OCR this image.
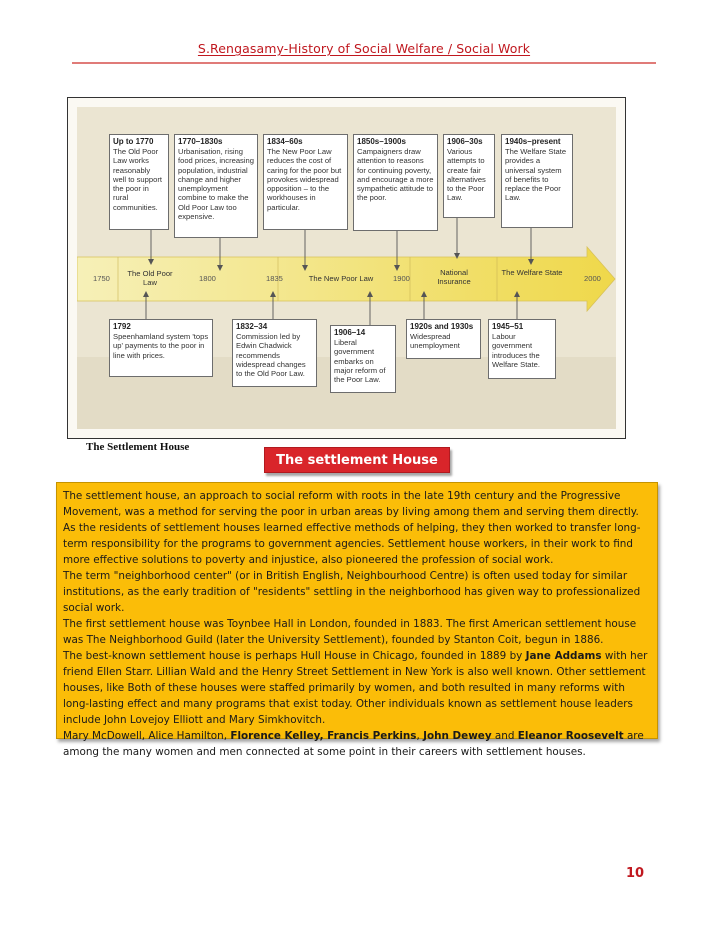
S.Rengasamy-History of Social Welfare / Social Work
Up to 1770
The Old Poor Law works reasonably well to support the poor in rural communities.
1770–1830s
Urbanisation, rising food prices, increasing population, industrial change and higher unemployment combine to make the Old Poor Law too expensive.
1834–60s
The New Poor Law reduces the cost of caring for the poor but provokes widespread opposition – to the workhouses in particular.
1850s–1900s
Campaigners draw attention to reasons for continuing poverty, and encourage a more sympathetic attitude to the poor.
1906–30s
Various attempts to create fair alternatives to the Poor Law.
1940s–present
The Welfare State provides a universal system of benefits to replace the Poor Law.
1750
The Old Poor Law	1800	1835	The New Poor Law	1900
National Insurance
The Welfare State
2000
1792
Speenhamland system 'tops up' payments to the poor in line with prices.
1832–34
Commission led by Edwin Chadwick recommends widespread changes to the Old Poor Law.
1906–14
Liberal government embarks on major reform of the Poor Law.
1920s and 1930s
Widespread unemployment
1945–51
Labour government introduces the Welfare State.
The Settlement House
The settlement House

The settlement house, an approach to social reform with roots in the late 19th century and the Progressive Movement, was a method for serving the poor in urban areas by living among them and serving them directly. As the residents of settlement houses learned effective methods of helping, they then worked to transfer long-term responsibility for the programs to government agencies. Settlement house workers, in their work to find more effective solutions to poverty and injustice, also pioneered the profession of social work.

The term "neighborhood center" (or in British English, Neighbourhood Centre) is often used today for similar institutions, as the early tradition of "residents" settling in the neighborhood has given way to professionalized social work.

The first settlement house was Toynbee Hall in London, founded in 1883. The first American settlement house was The Neighborhood Guild (later the University Settlement), founded by Stanton Coit, begun in 1886.

The best-known settlement house is perhaps Hull House in Chicago, founded in 1889 by Jane Addams with her friend Ellen Starr. Lillian Wald and the Henry Street Settlement in New York is also well known. Other settlement houses, like Both of these houses were staffed primarily by women, and both resulted in many reforms with long-lasting effect and many programs that exist today. Other individuals known as settlement house leaders include John Lovejoy Elliott and Mary Simkhovitch.

Mary McDowell, Alice Hamilton, Florence Kelley, Francis Perkins, John Dewey and Eleanor Roosevelt are among the many women and men connected at some point in their careers with settlement houses.

10
